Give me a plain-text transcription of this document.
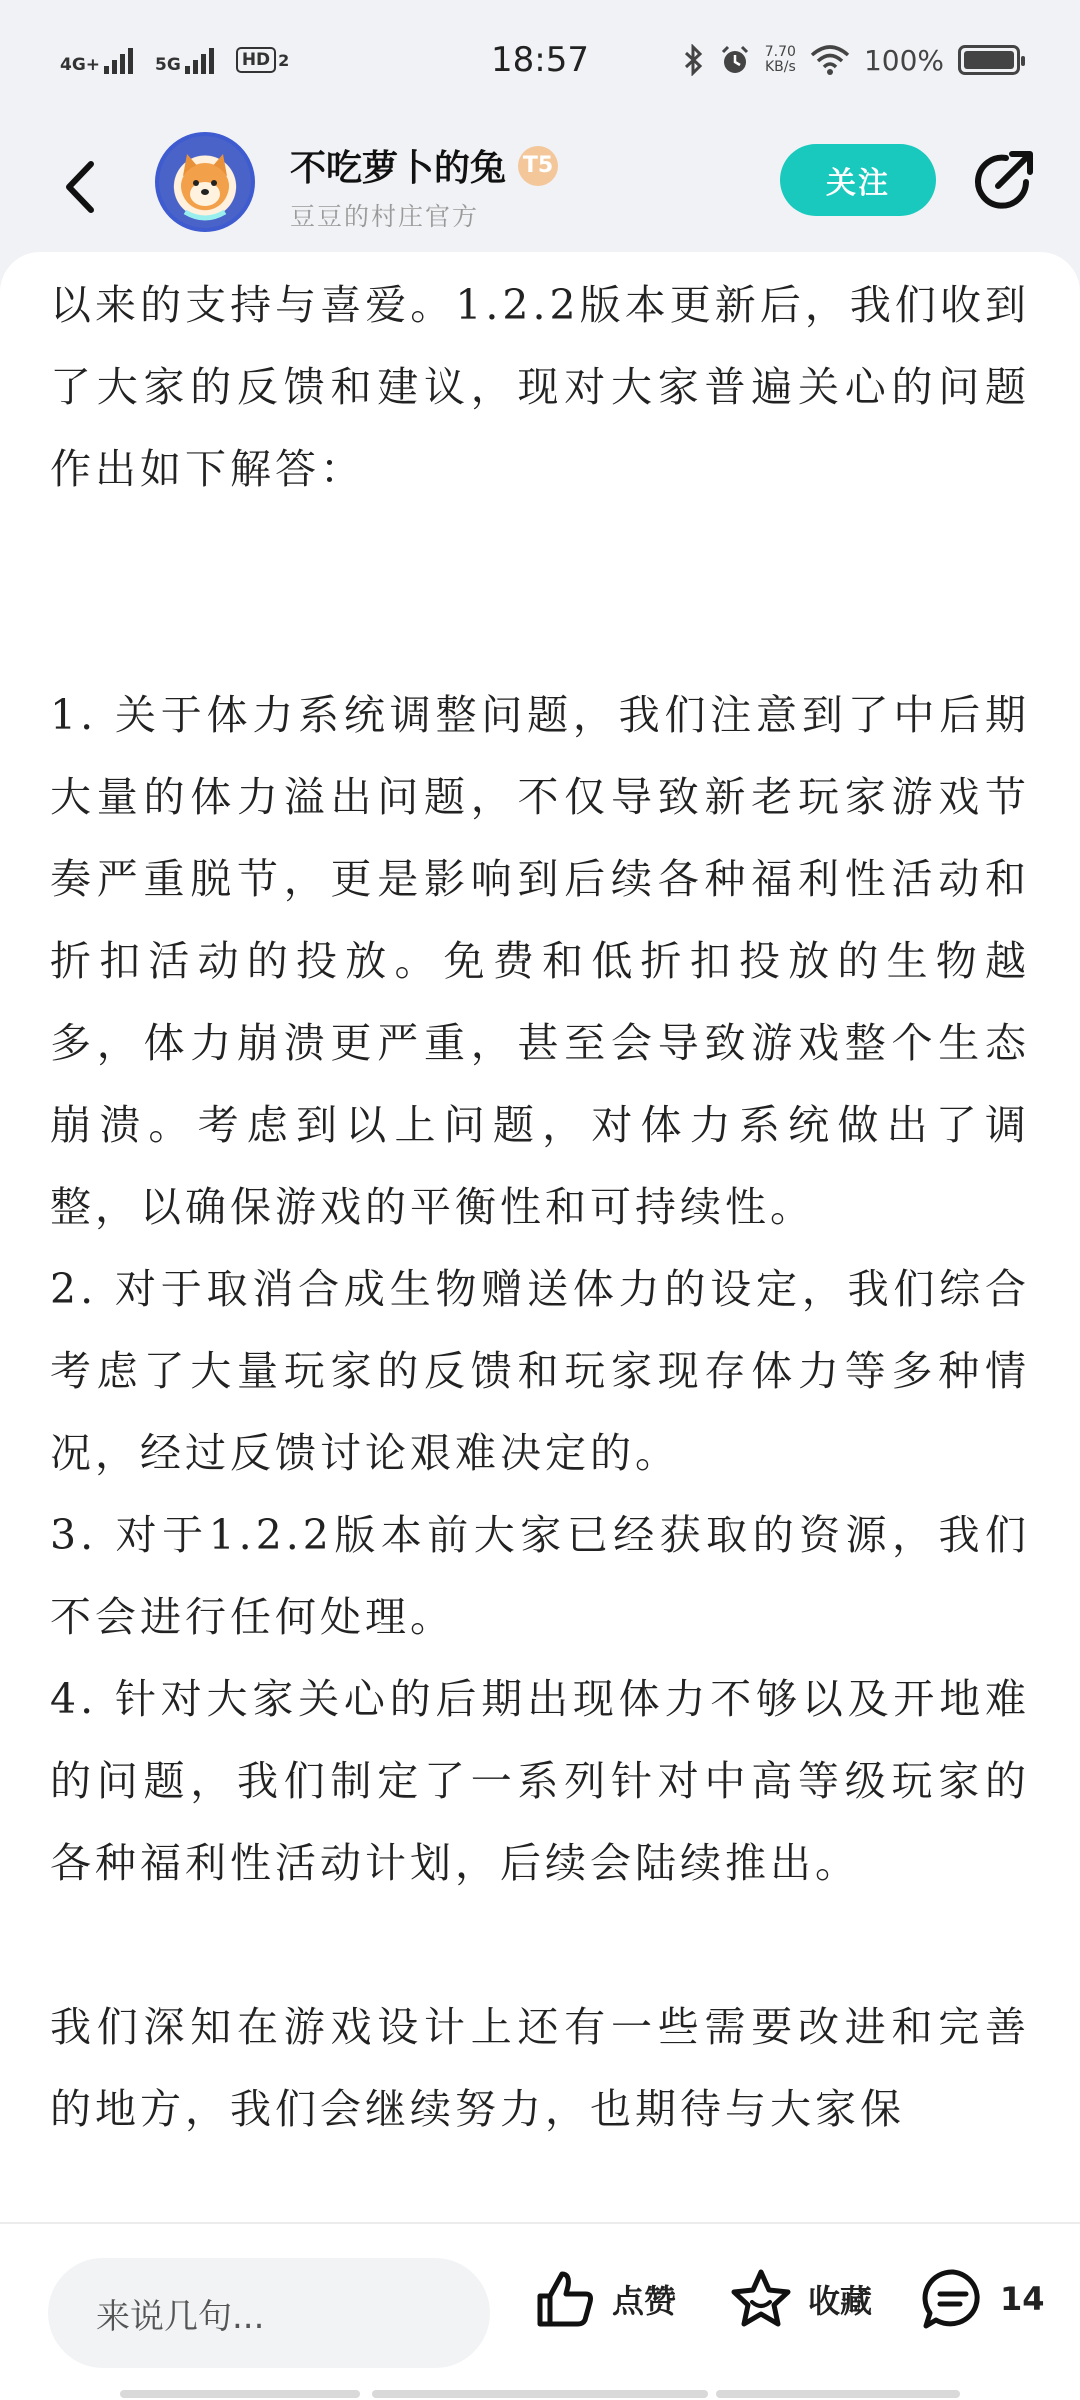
4G+	5G	HD 2	18:57	7.70
KB/s 100%
不吃萝卜的兔 T5
豆豆的村庄官方
关注

以来的支持与喜爱。1.2.2版本更新后，我们收到了大家的反馈和建议，现对大家普遍关心的问题作出如下解答：

1. 关于体力系统调整问题，我们注意到了中后期大量的体力溢出问题，不仅导致新老玩家游戏节奏严重脱节，更是影响到后续各种福利性活动和折扣活动的投放。免费和低折扣投放的生物越多，体力崩溃更严重，甚至会导致游戏整个生态崩溃。考虑到以上问题，对体力系统做出了调整，以确保游戏的平衡性和可持续性。

2. 对于取消合成生物赠送体力的设定，我们综合考虑了大量玩家的反馈和玩家现存体力等多种情况，经过反馈讨论艰难决定的。

3. 对于1.2.2版本前大家已经获取的资源，我们不会进行任何处理。

4. 针对大家关心的后期出现体力不够以及开地难的问题，我们制定了一系列针对中高等级玩家的各种福利性活动计划，后续会陆续推出。

我们深知在游戏设计上还有一些需要改进和完善的地方，我们会继续努力，也期待与大家保

来说几句...	点赞	收藏	14
